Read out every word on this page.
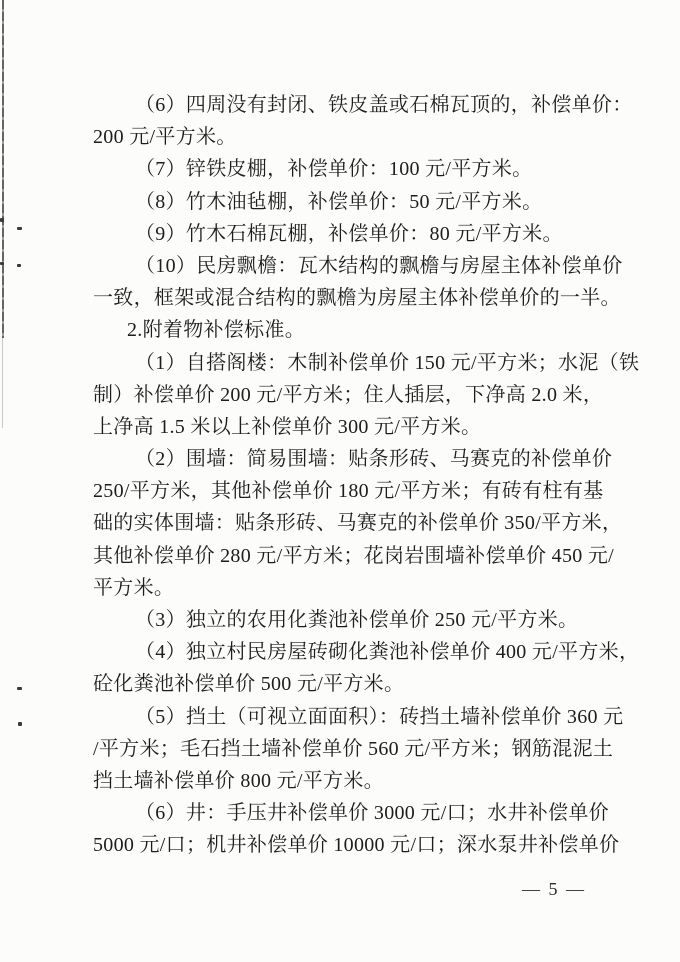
（6）四周没有封闭、铁皮盖或石棉瓦顶的，补偿单价：
200 元/平方米。
（7）锌铁皮棚，补偿单价：100 元/平方米。
（8）竹木油毡棚，补偿单价：50 元/平方米。
（9）竹木石棉瓦棚，补偿单价：80 元/平方米。
（10）民房飘檐：瓦木结构的飘檐与房屋主体补偿单价
一致，框架或混合结构的飘檐为房屋主体补偿单价的一半。
2.附着物补偿标准。
（1）自搭阁楼：木制补偿单价 150 元/平方米；水泥（铁
制）补偿单价 200 元/平方米；住人插层，下净高 2.0 米，
上净高 1.5 米以上补偿单价 300 元/平方米。
（2）围墙：简易围墙：贴条形砖、马赛克的补偿单价
250/平方米，其他补偿单价 180 元/平方米；有砖有柱有基
础的实体围墙：贴条形砖、马赛克的补偿单价 350/平方米，
其他补偿单价 280 元/平方米；花岗岩围墙补偿单价 450 元/
平方米。
（3）独立的农用化粪池补偿单价 250 元/平方米。
（4）独立村民房屋砖砌化粪池补偿单价 400 元/平方米，
砼化粪池补偿单价 500 元/平方米。
（5）挡土（可视立面面积）：砖挡土墙补偿单价 360 元
/平方米；毛石挡土墙补偿单价 560 元/平方米；钢筋混泥土
挡土墙补偿单价 800 元/平方米。
（6）井：手压井补偿单价 3000 元/口；水井补偿单价
5000 元/口；机井补偿单价 10000 元/口；深水泵井补偿单价
— 5 —
